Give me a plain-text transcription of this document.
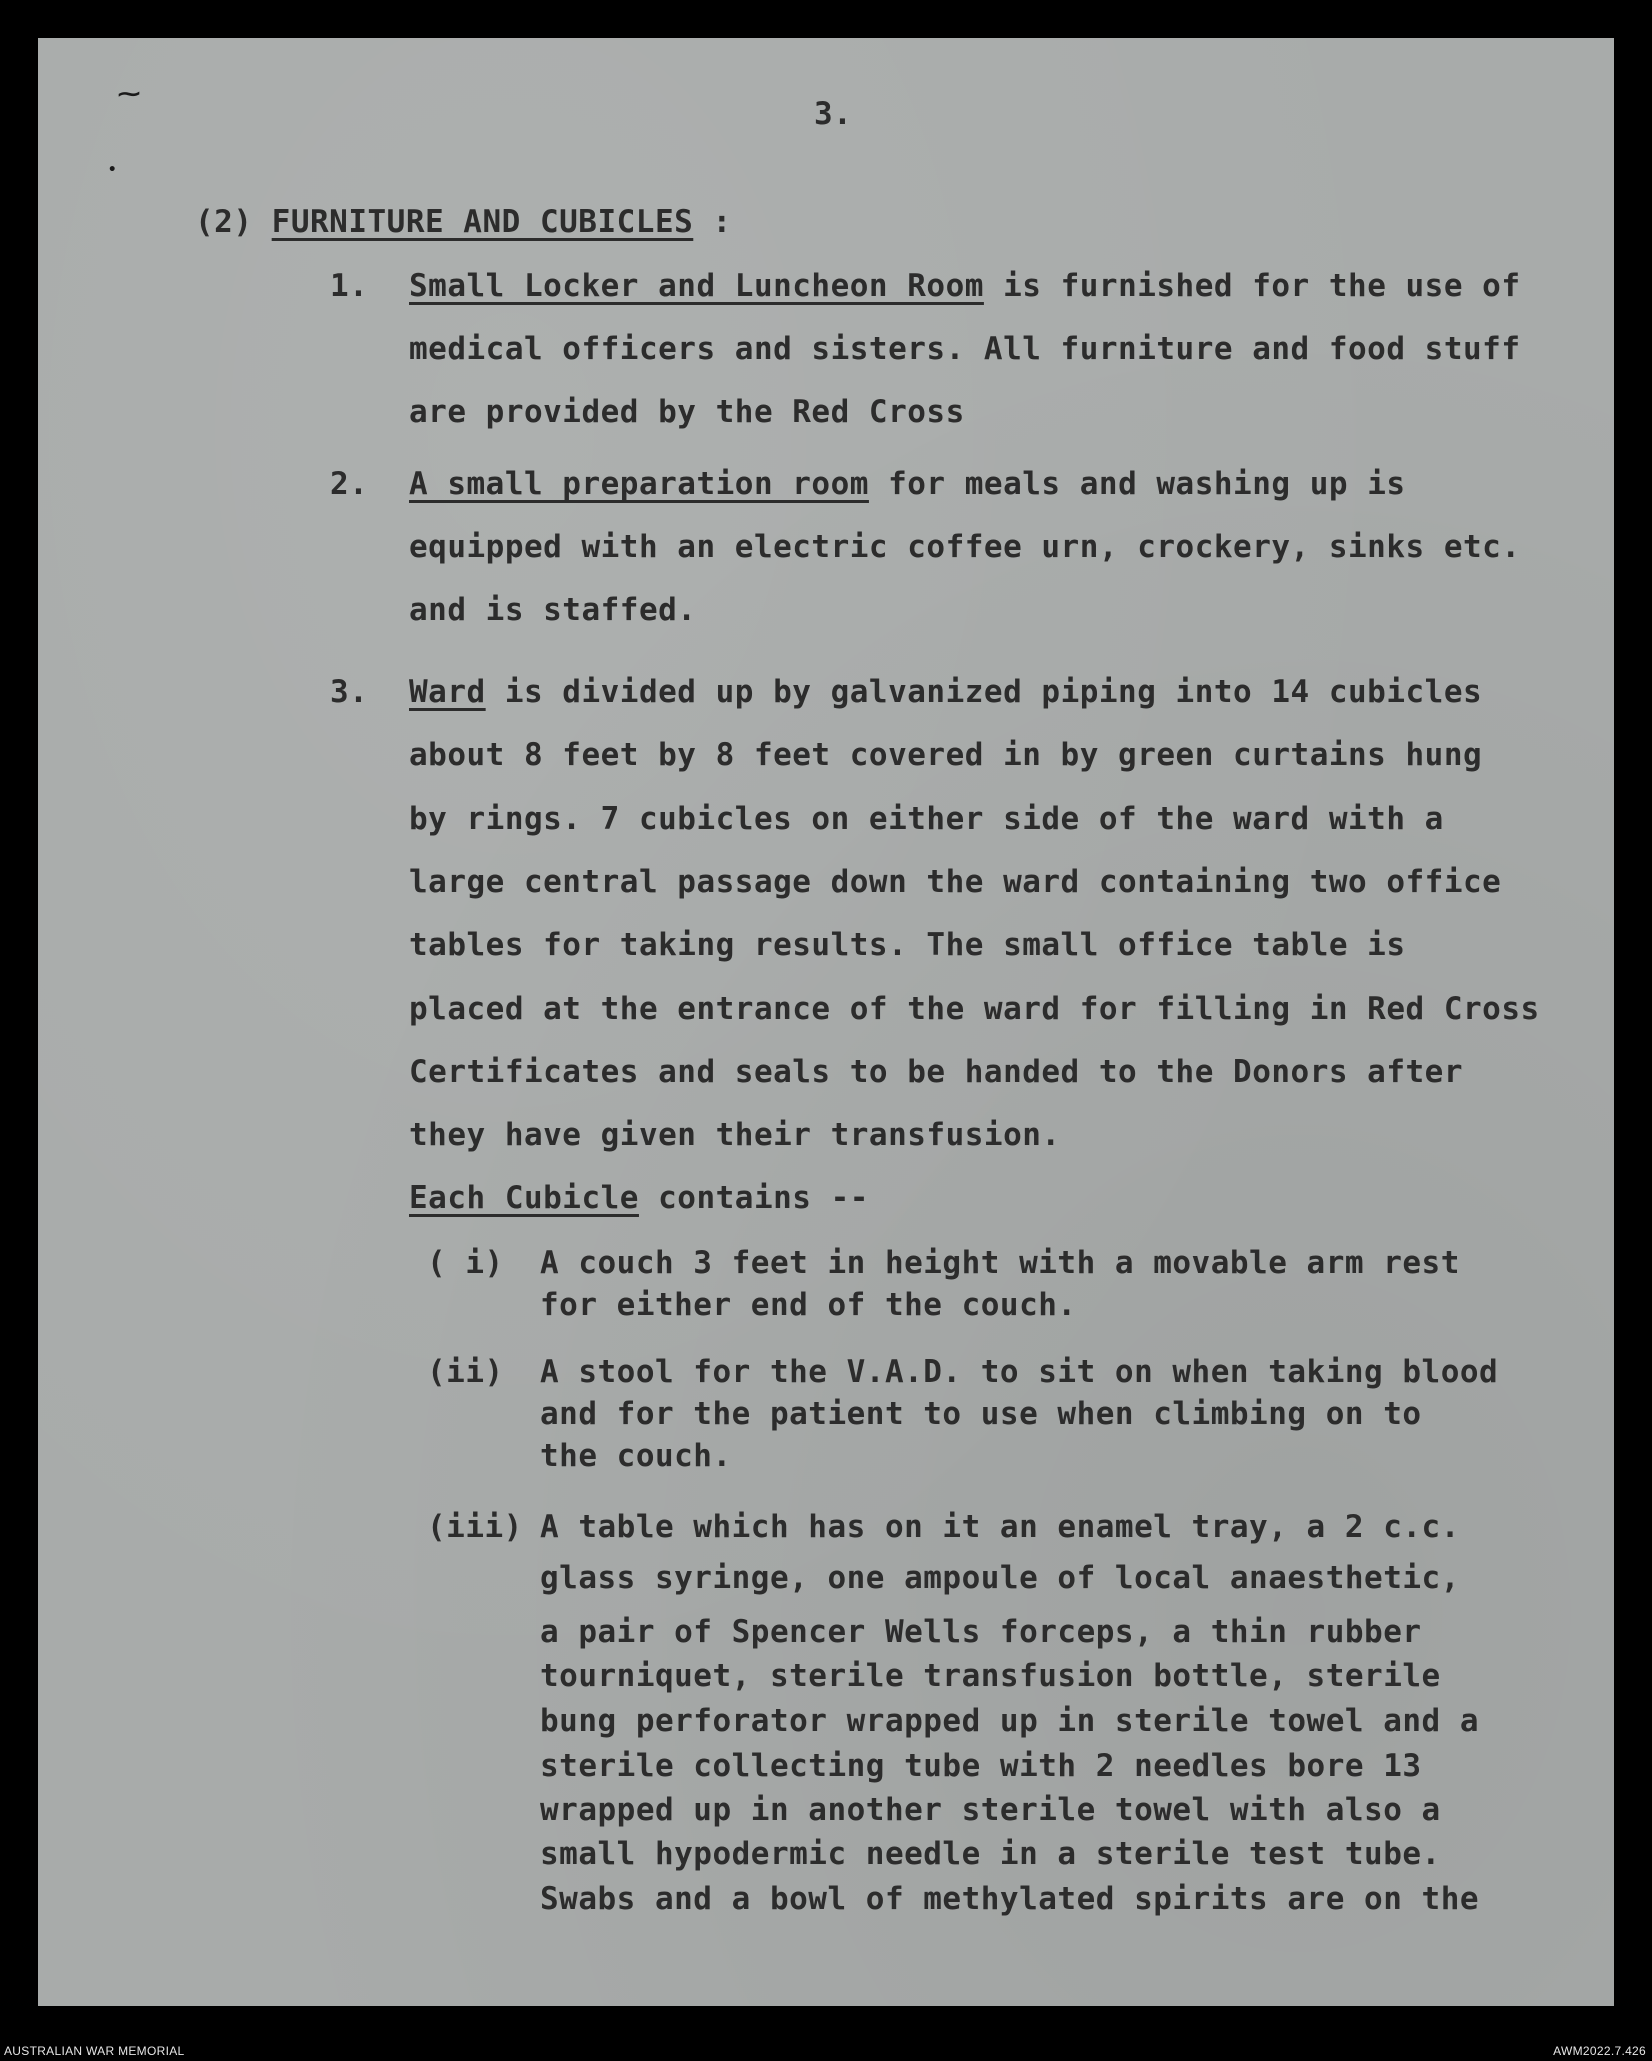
⁓
•
3.
(2) FURNITURE AND CUBICLES :
1. Small Locker and Luncheon Room is furnished for the use of
medical officers and sisters. All furniture and food stuff
are provided by the Red Cross
2. A small preparation room for meals and washing up is
equipped with an electric coffee urn, crockery, sinks etc.
and is staffed.
3. Ward is divided up by galvanized piping into 14 cubicles
about 8 feet by 8 feet covered in by green curtains hung
by rings. 7 cubicles on either side of the ward with a
large central passage down the ward containing two office
tables for taking results. The small office table is
placed at the entrance of the ward for filling in Red Cross
Certificates and seals to be handed to the Donors after
they have given their transfusion.
Each Cubicle contains --
( i) A couch 3 feet in height with a movable arm rest
for either end of the couch.
(ii) A stool for the V.A.D. to sit on when taking blood
and for the patient to use when climbing on to
the couch.
(iii) A table which has on it an enamel tray, a 2 c.c.
glass syringe, one ampoule of local anaesthetic,
a pair of Spencer Wells forceps, a thin rubber
tourniquet, sterile transfusion bottle, sterile
bung perforator wrapped up in sterile towel and a
sterile collecting tube with 2 needles bore 13
wrapped up in another sterile towel with also a
small hypodermic needle in a sterile test tube.
Swabs and a bowl of methylated spirits are on the
AUSTRALIAN WAR MEMORIAL	AWM2022.7.426
